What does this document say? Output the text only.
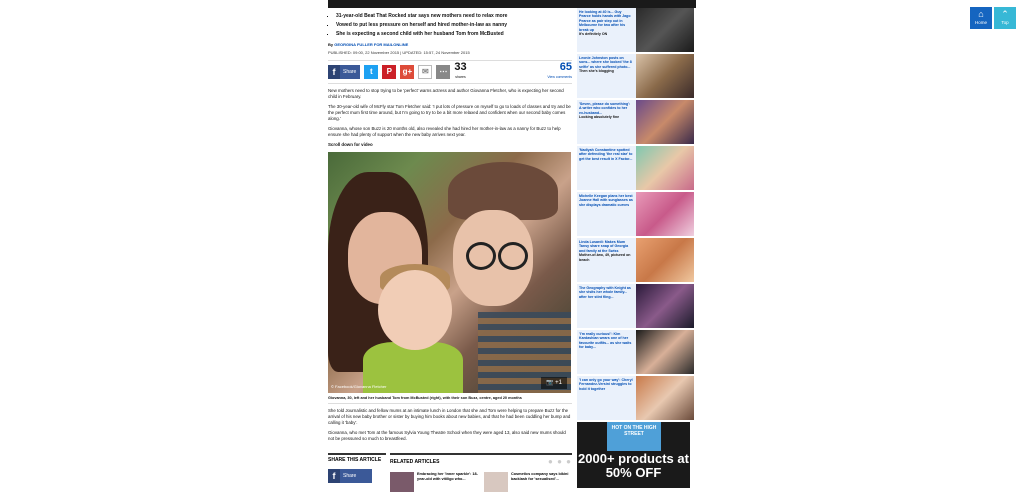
▪ 31-year-old Beat That Rocked star says new mothers need to relax more
▪ Vowed to put less pressure on herself and hired mother-in-law as nanny
▪ She is expecting a second child with her husband Tom from McBusted
By GEORGINA FULLER FOR MAILONLINE
PUBLISHED: 09:00, 22 November 2015 | UPDATED: 15:57, 24 November 2015
f	Share	t	P	g+	✉	⋯ 33
shares
65
View comments

New mothers need to stop trying to be 'perfect' warns actress and author Giovanna Fletcher, who is expecting her second child in February.

The 30-year-old wife of McFly star Tom Fletcher said: 'I put lots of pressure on myself to go to loads of classes and try and be the perfect mum first time around, but I'm going to try to be a bit more relaxed and confident when our second baby comes along.'

Giovanna, whose son Buzz is 20 months old, also revealed she had hired her mother-in-law as a nanny for Buzz to help ensure she had plenty of support when the new baby arrives next year.

Scroll down for video
© Facebook/Giovanna Fletcher
📷
+1
Giovanna, 30, left and her husband Tom from McBusted (right), with their son Buzz, centre, aged 20 months

She told Journalistic and fellow mums at an intimate lunch in London that she and Tom were helping to prepare Buzz for the arrival of his new baby brother or sister by buying him books about new babies, and that he had been cuddling her bump and calling it 'baby'.

Giovanna, who met Tom at the famous Sylvia Young Theatre School when they were aged 13, also said new mums should not be pressured so much to breastfeed.

SHARE THIS ARTICLE
f	Share
RELATED ARTICLES	● ● ●
Embracing her 'inner sparkle': 18-year-old with vitiligo who...
Cosmetics company says bikini backlash for 'sexualised'...
He looking at 40 is... Guy Pearce holds hands with Jago Pearce as pair step out in Melbourne for two after his break up
It's definitely ON
Leonie Johnston posts on sons... where she looked 'the 8 selfie' as she suffered photo...
Then she's blogging
'Seven, please do something': A writer who confides to her ex-husband...
Looking absolutely fine
'Nadiyah Constantine spotted after defending 'the real star' to get the best result in X Factor...
Michelle Keegan plans her best Joanne Hall with sunglasses as she displays dramatic curves
Linda Lusardi: Makes Mum Tansy share snap of Georgia and family at the Swiss
Mother-of-two, 49, pictured on beach
The Geography with Knight as she visits her whole family... after her stint fling...
'I'm really curious!': Kim Kardashian wears one of her favourite outfits... as she waits for baby...
'I can only go your way': Cheryl Fernandez-Versini struggles to hold it together
HOT ON THE HIGH STREET
2000+ products at 50% OFF
⌂
Home
⌃
Top
